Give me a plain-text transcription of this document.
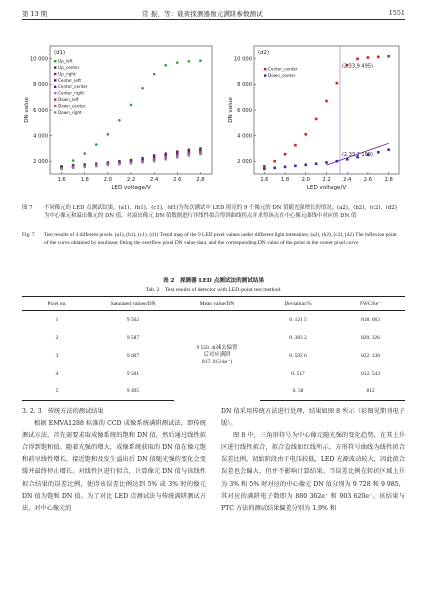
第 13 期	常 振，等：载荷探测器像元满阱参数测试	1551
1.6	1.8	2.0	2.2	2.4	2.6	2.8
2 000
4 000
6 000
8 000
10 000
LED voltage/V
DN value
(d1)
Up_left
Up_center
Up_right
Center_left
Center_center
Center_right
Down_left
Down_center
Down_right
1.6 1.8 2.0 2.2 2.4 2.6 2.8
2 000
4 000
6 000
8 000
10 000
LED voltage/V
DN value
(d2)
Center_center
Down_center
(2.33,9 495)
(2.33,2 109)
图 7 不同像元的 LED 点测试结果，(a1)，(b1)，(c1)，(d1)为每次测试中 LED 照亮的 9 个像元的 DN 值随光强增长的情况；(a2)，(b2)，(c2)，(d2)为中心像元和溢出像元的 DN 值，对溢出像元 DN 值数据进行非线性拟合得到曲线拐点并求得该点在中心像元曲线中对应的 DN 值
Fig. 7 Test results of 4 different pixels. (a1), (b1), (c1), (d1) Trend map of the 9 LED pixel values under different light intensities; (a2), (b2), (c2), (d2) The inflexion point of the curve obtained by nonlinear fitting the overflow pixel DN value data, and the corresponding DN value of the point in the center pixel curve
表 2　探测器 LED 点测试法的测试结果
Tab. 2　Test results of detector with LED-point test method.
Pixel no.	Saturated values/DN	Mean value/DN	Deviation/%	FWC/ke⁻
1	9 562	9 550. 4(减去偏置
后对应满阱
817. 013 ke⁻)	0. 121 5	818. 063
2	9 587		0. 383 2	820. 326
3	9 607		0. 592 6	822. 136
4	9 501		0. 517	812. 543
5	9 495		0. 58	812

3. 2. 3　传统方法的测试结果

根据 EMVA1288 标准的 CCD 成像系统满阱测试法，即传统测试方法，首先需要求取成像系统的饱和 DN 值，然后通过线性拟合得到饱和值。随着光强的增大，成像系统获取的 DN 值在像元饱和前呈线性增长，接近饱和及发生溢出后 DN 值随光强的变化会变缓并最终停止增长。对线性区进行拟合，计算像元 DN 值与该线性拟合结果的误差比例，使得该误差比例达到 5% 或 3% 时的像元 DN 值为饱和 DN 值。为了对比 LED 点测试法与传统满阱测试方法，对中心像元的

DN 值采用传统方法进行处理，结果如图 8 所示（彩图见期刊电子版）。

图 8 中，三角形符号为中心像元随光强的变化趋势，在其上升区进行线性拟合，拟合直线如红线所示，方形符号曲线为线性拟合误差比例。初始阶段由于电压较低，LED 光源波动较大，因此拟合误差也会偏大，但并不影响计算结果。当误差比例在转折区域上升为 3% 和 5% 时对应的中心像元 DN 值分别为 9 728 和 9 985，其对应的满阱电子数即为 880 362e⁻ 和 903 620e⁻。该结果与 PTC 方法的测试结果偏差分别为 1.9% 和
